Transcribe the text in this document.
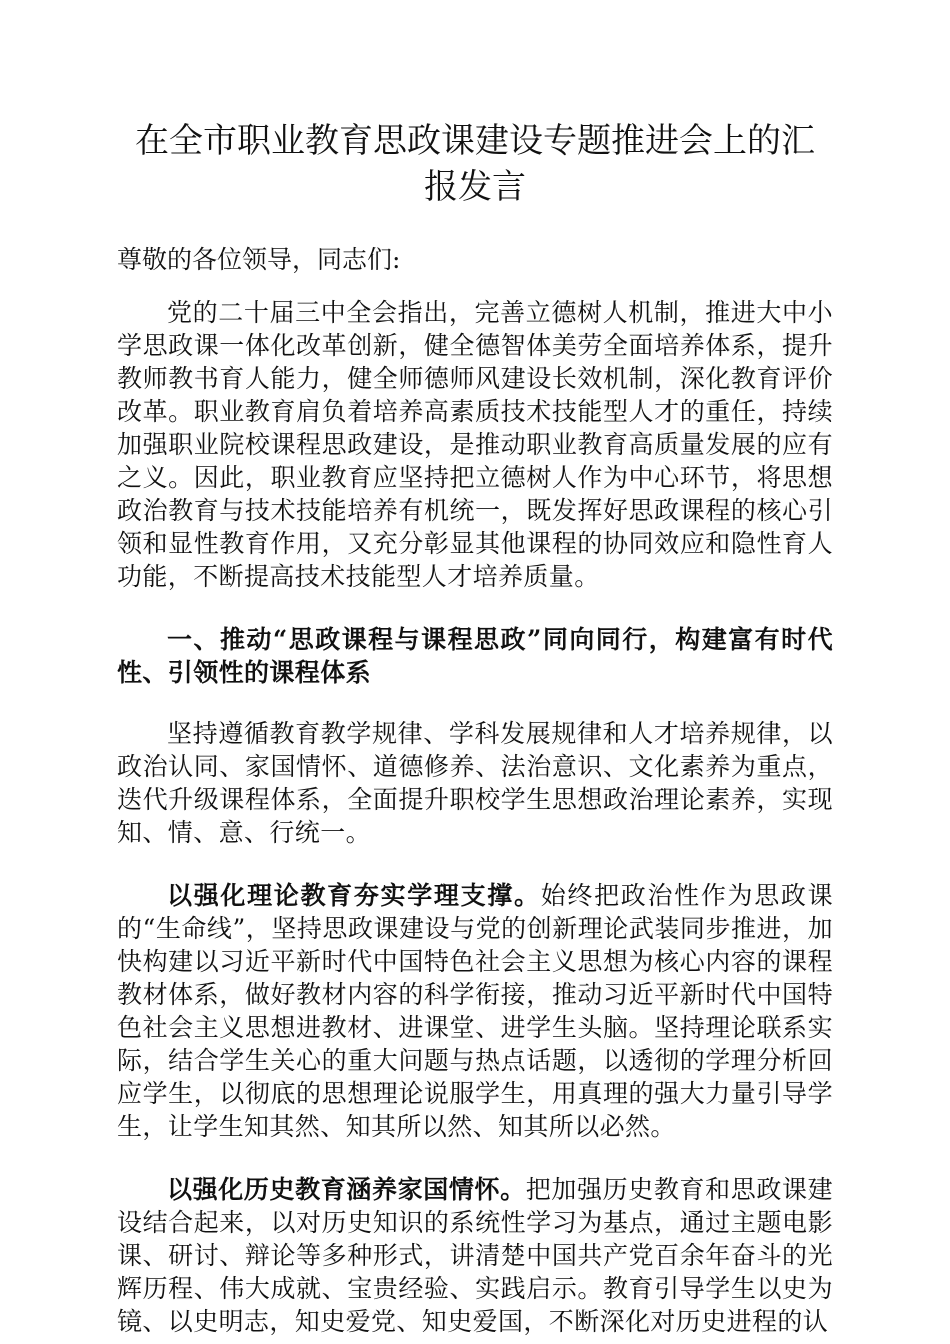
在全市职业教育思政课建设专题推进会上的汇
报发言

尊敬的各位领导，同志们:

党的二十届三中全会指出，完善立德树人机制，推进大中小学思政课一体化改革创新，健全德智体美劳全面培养体系，提升教师教书育人能力，健全师德师风建设长效机制，深化教育评价改革。职业教育肩负着培养高素质技术技能型人才的重任，持续加强职业院校课程思政建设，是推动职业教育高质量发展的应有之义。因此，职业教育应坚持把立德树人作为中心环节，将思想政治教育与技术技能培养有机统一，既发挥好思政课程的核心引领和显性教育作用，又充分彰显其他课程的协同效应和隐性育人功能，不断提高技术技能型人才培养质量。

一、推动“思政课程与课程思政”同向同行，构建富有时代性、引领性的课程体系

坚持遵循教育教学规律、学科发展规律和人才培养规律，以政治认同、家国情怀、道德修养、法治意识、文化素养为重点，迭代升级课程体系，全面提升职校学生思想政治理论素养，实现知、情、意、行统一。

以强化理论教育夯实学理支撑。始终把政治性作为思政课的“生命线”，坚持思政课建设与党的创新理论武装同步推进，加快构建以习近平新时代中国特色社会主义思想为核心内容的课程教材体系，做好教材内容的科学衔接，推动习近平新时代中国特色社会主义思想进教材、进课堂、进学生头脑。坚持理论联系实际，结合学生关心的重大问题与热点话题，以透彻的学理分析回应学生，以彻底的思想理论说服学生，用真理的强大力量引导学生，让学生知其然、知其所以然、知其所以必然。

以强化历史教育涵养家国情怀。把加强历史教育和思政课建设结合起来，以对历史知识的系统性学习为基点，通过主题电影课、研讨、辩论等多种形式，讲清楚中国共产党百余年奋斗的光辉历程、伟大成就、宝贵经验、实践启示。教育引导学生以史为镜、以史明志，知史爱党、知史爱国，不断深化对历史进程的认
